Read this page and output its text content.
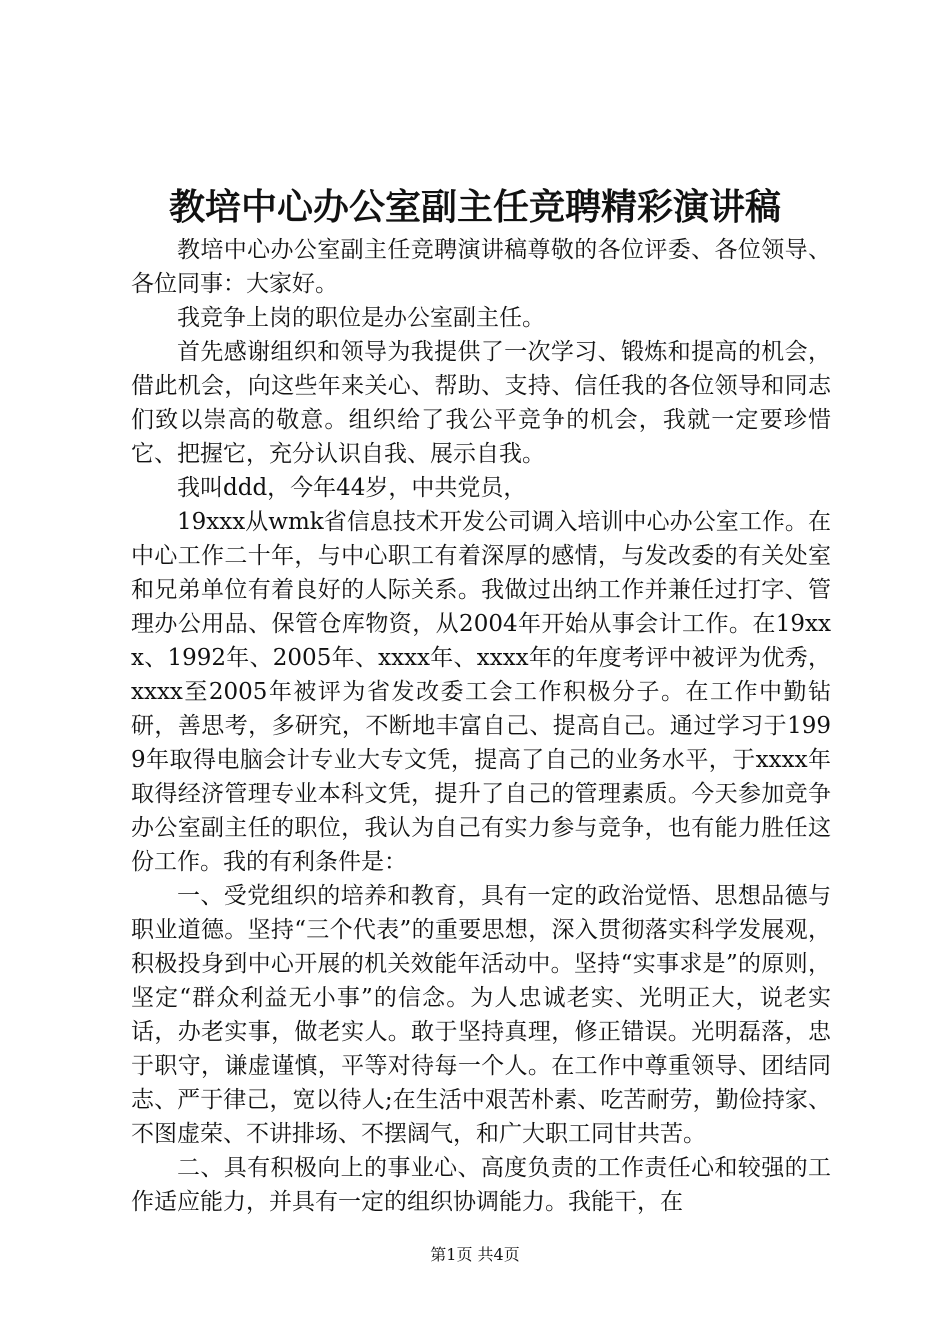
教培中心办公室副主任竞聘精彩演讲稿

教培中心办公室副主任竞聘演讲稿尊敬的各位评委、各位领导、各位同事：大家好。

我竞争上岗的职位是办公室副主任。

首先感谢组织和领导为我提供了一次学习、锻炼和提高的机会，借此机会，向这些年来关心、帮助、支持、信任我的各位领导和同志们致以崇高的敬意。组织给了我公平竞争的机会，我就一定要珍惜它、把握它，充分认识自我、展示自我。

我叫ddd，今年44岁，中共党员，

19xxx从wmk省信息技术开发公司调入培训中心办公室工作。在中心工作二十年，与中心职工有着深厚的感情，与发改委的有关处室和兄弟单位有着良好的人际关系。我做过出纳工作并兼任过打字、管理办公用品、保管仓库物资，从2004年开始从事会计工作。在19xxx、1992年、2005年、xxxx年、xxxx年的年度考评中被评为优秀，xxxx至2005年被评为省发改委工会工作积极分子。在工作中勤钻研，善思考，多研究，不断地丰富自己、提高自己。通过学习于1999年取得电脑会计专业大专文凭，提高了自己的业务水平，于xxxx年取得经济管理专业本科文凭，提升了自己的管理素质。今天参加竞争办公室副主任的职位，我认为自己有实力参与竞争，也有能力胜任这份工作。我的有利条件是：

一、受党组织的培养和教育，具有一定的政治觉悟、思想品德与职业道德。坚持“三个代表”的重要思想，深入贯彻落实科学发展观，积极投身到中心开展的机关效能年活动中。坚持“实事求是”的原则，坚定“群众利益无小事”的信念。为人忠诚老实、光明正大，说老实话，办老实事，做老实人。敢于坚持真理，修正错误。光明磊落，忠于职守，谦虚谨慎，平等对待每一个人。在工作中尊重领导、团结同志、严于律己，宽以待人;在生活中艰苦朴素、吃苦耐劳，勤俭持家、不图虚荣、不讲排场、不摆阔气，和广大职工同甘共苦。

二、具有积极向上的事业心、高度负责的工作责任心和较强的工作适应能力，并具有一定的组织协调能力。我能干，在

第1页 共4页
